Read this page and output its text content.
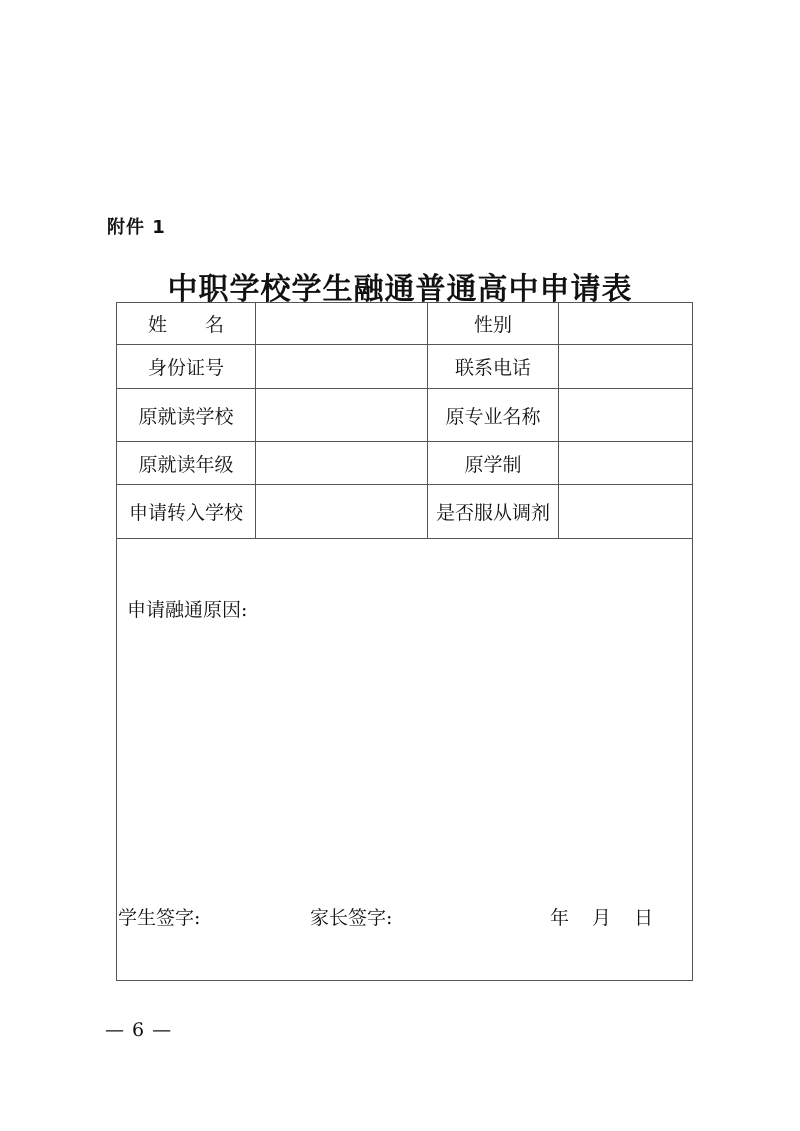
附件 1
中职学校学生融通普通高中申请表
姓　　名		性别	
身份证号		联系电话	
原就读学校		原专业名称	
原就读年级		原学制	
申请转入学校		是否服从调剂	

申请融通原因:
学生签字: 家长签字: 年 月 日			
— 6 —
